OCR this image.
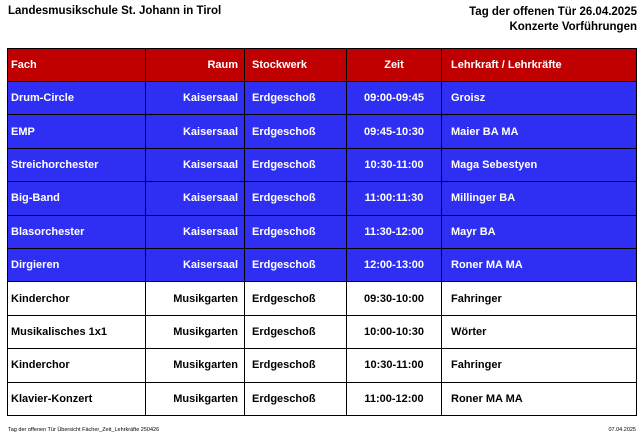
Landesmusikschule St. Johann in Tirol	Tag der offenen Tür 26.04.2025
Konzerte Vorführungen
Fach	Raum	Stockwerk	Zeit	Lehrkraft / Lehrkräfte
Drum-Circle	Kaisersaal	Erdgeschoß	09:00-09:45	Groisz
EMP	Kaisersaal	Erdgeschoß	09:45-10:30	Maier BA MA
Streichorchester	Kaisersaal	Erdgeschoß	10:30-11:00	Maga Sebestyen
Big-Band	Kaisersaal	Erdgeschoß	11:00:11:30	Millinger BA
Blasorchester	Kaisersaal	Erdgeschoß	11:30-12:00	Mayr BA
Dirgieren	Kaisersaal	Erdgeschoß	12:00-13:00	Roner MA MA
Kinderchor	Musikgarten	Erdgeschoß	09:30-10:00	Fahringer
Musikalisches 1x1	Musikgarten	Erdgeschoß	10:00-10:30	Wörter
Kinderchor	Musikgarten	Erdgeschoß	10:30-11:00	Fahringer
Klavier-Konzert	Musikgarten	Erdgeschoß	11:00-12:00	Roner MA MA
Tag der offenen Tür Übersicht Fächer_Zeit_Lehrkräfte 250426	07.04.2025
